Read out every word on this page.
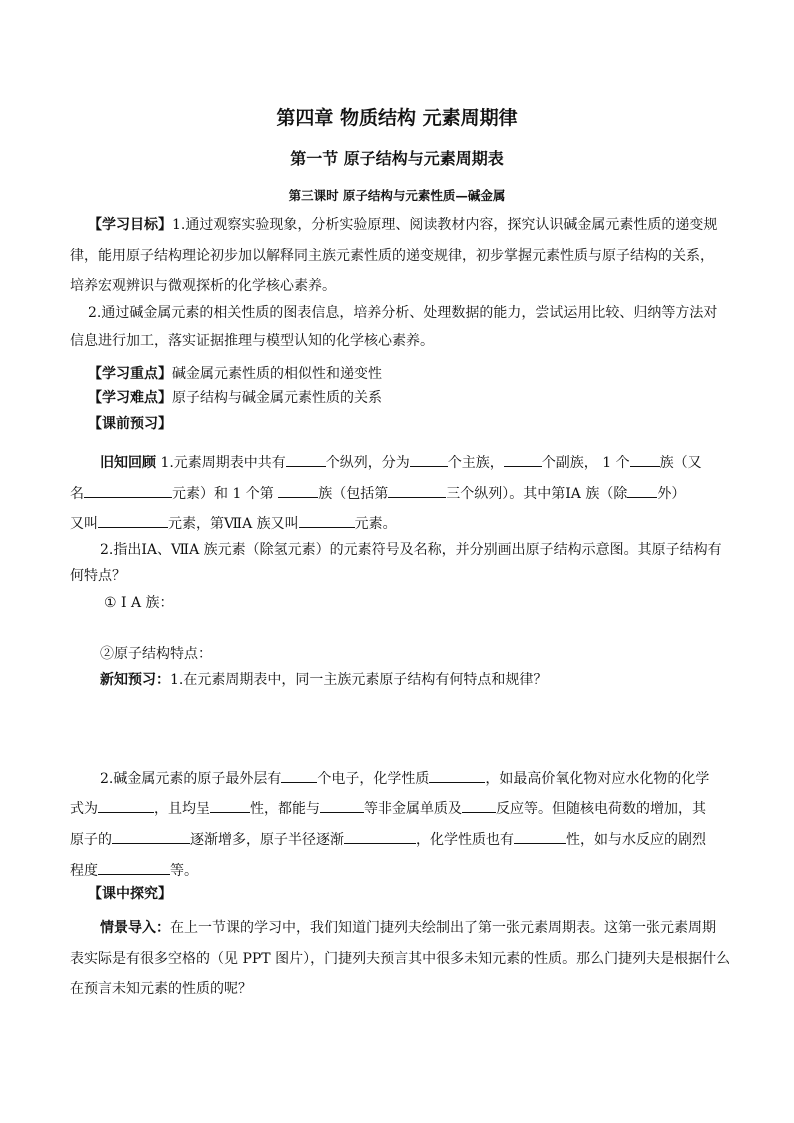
第四章 物质结构 元素周期律
第一节 原子结构与元素周期表
第三课时 原子结构与元素性质—碱金属
【学习目标】1.通过观察实验现象，分析实验原理、阅读教材内容，探究认识碱金属元素性质的递变规
律，能用原子结构理论初步加以解释同主族元素性质的递变规律，初步掌握元素性质与原子结构的关系，
培养宏观辨识与微观探析的化学核心素养。
2.通过碱金属元素的相关性质的图表信息，培养分析、处理数据的能力，尝试运用比较、归纳等方法对
信息进行加工，落实证据推理与模型认知的化学核心素养。
【学习重点】碱金属元素性质的相似性和递变性
【学习难点】原子结构与碱金属元素性质的关系
【课前预习】
旧知回顾 1.元素周期表中共有	个纵列，分为	个主族，	个副族， 1 个 族（又
名	元素）和 1 个第	族（包括第	三个纵列）。其中第ⅠA 族（除 外）
又叫	元素，第ⅦA 族又叫	元素。
2.指出ⅠA、ⅦA 族元素（除氢元素）的元素符号及名称，并分别画出原子结构示意图。其原子结构有
何特点？
① I A 族：
②原子结构特点：
新知预习：1.在元素周期表中，同一主族元素原子结构有何特点和规律？
2.碱金属元素的原子最外层有	个电子，化学性质	，如最高价氧化物对应水化物的化学
式为	，且均呈	性，都能与	等非金属单质及 反应等。但随核电荷数的增加，其
原子的	逐渐增多，原子半径逐渐	，化学性质也有	性，如与水反应的剧烈
程度	等。
【课中探究】
情景导入：在上一节课的学习中，我们知道门捷列夫绘制出了第一张元素周期表。这第一张元素周期
表实际是有很多空格的（见 PPT 图片），门捷列夫预言其中很多未知元素的性质。那么门捷列夫是根据什么
在预言未知元素的性质的呢？
